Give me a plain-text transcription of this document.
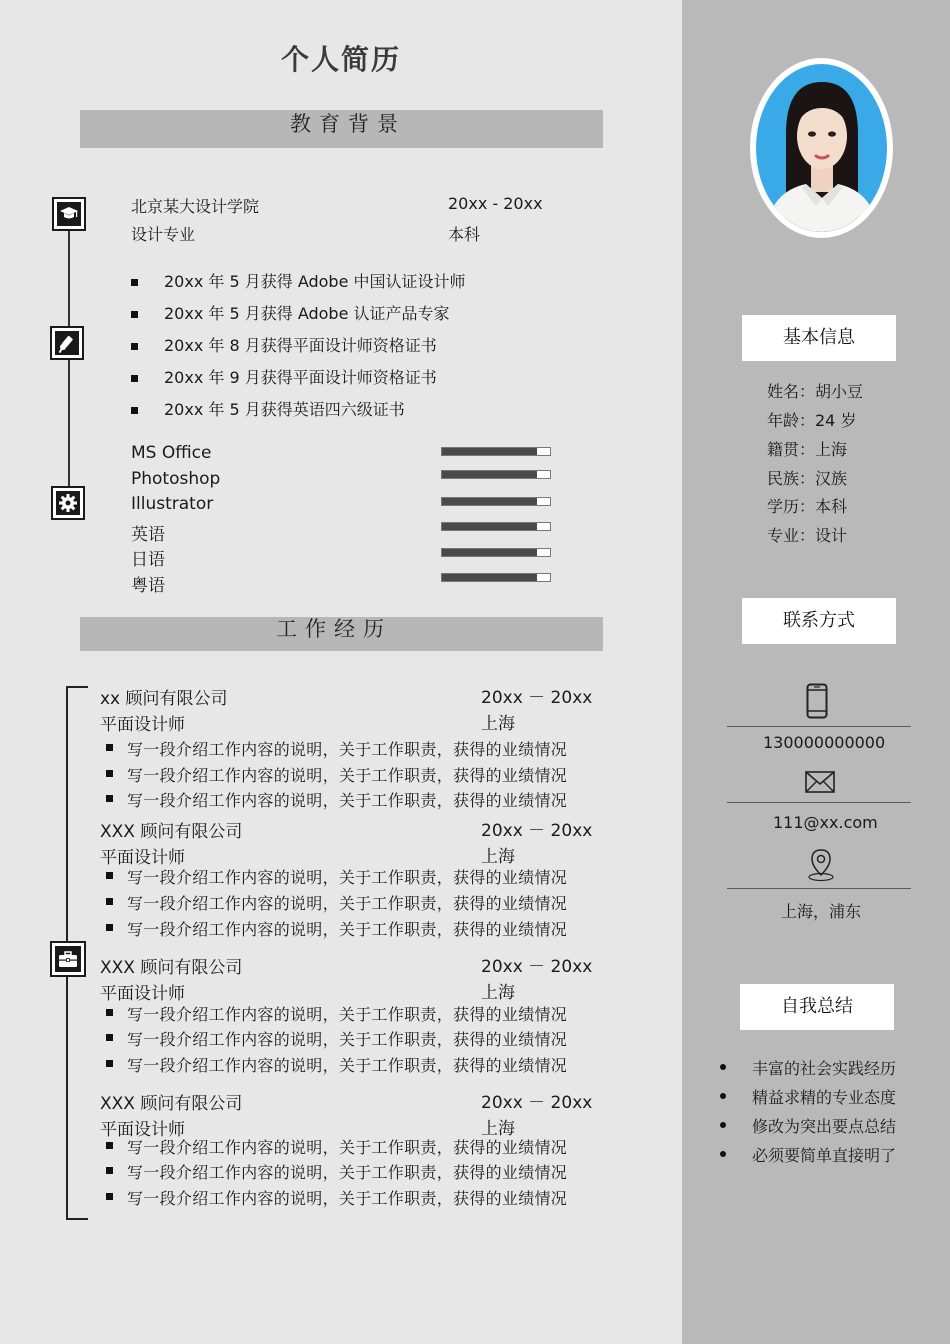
个人简历
教育背景
北京某大设计学院	20xx - 20xx
设计专业	本科
20xx 年 5 月获得 Adobe 中国认证设计师
20xx 年 5 月获得 Adobe 认证产品专家
20xx 年 8 月获得平面设计师资格证书
20xx 年 9 月获得平面设计师资格证书
20xx 年 5 月获得英语四六级证书
MS Office
Photoshop
Illustrator
英语
日语
粤语
工作经历
xx 顾问有限公司	20xx － 20xx
平面设计师	上海
写一段介绍工作内容的说明，关于工作职责，获得的业绩情况
写一段介绍工作内容的说明，关于工作职责，获得的业绩情况
写一段介绍工作内容的说明，关于工作职责，获得的业绩情况
XXX 顾问有限公司	20xx － 20xx
平面设计师	上海
写一段介绍工作内容的说明，关于工作职责，获得的业绩情况
写一段介绍工作内容的说明，关于工作职责，获得的业绩情况
写一段介绍工作内容的说明，关于工作职责，获得的业绩情况
XXX 顾问有限公司	20xx － 20xx
平面设计师	上海
写一段介绍工作内容的说明，关于工作职责，获得的业绩情况
写一段介绍工作内容的说明，关于工作职责，获得的业绩情况
写一段介绍工作内容的说明，关于工作职责，获得的业绩情况
XXX 顾问有限公司	20xx － 20xx
平面设计师	上海
写一段介绍工作内容的说明，关于工作职责，获得的业绩情况
写一段介绍工作内容的说明，关于工作职责，获得的业绩情况
写一段介绍工作内容的说明，关于工作职责，获得的业绩情况
基本信息
姓名：胡小豆
年龄：24 岁
籍贯：上海
民族：汉族
学历：本科
专业：设计
联系方式
130000000000
111@xx.com
上海，浦东
自我总结
丰富的社会实践经历
精益求精的专业态度
修改为突出要点总结
必须要简单直接明了
